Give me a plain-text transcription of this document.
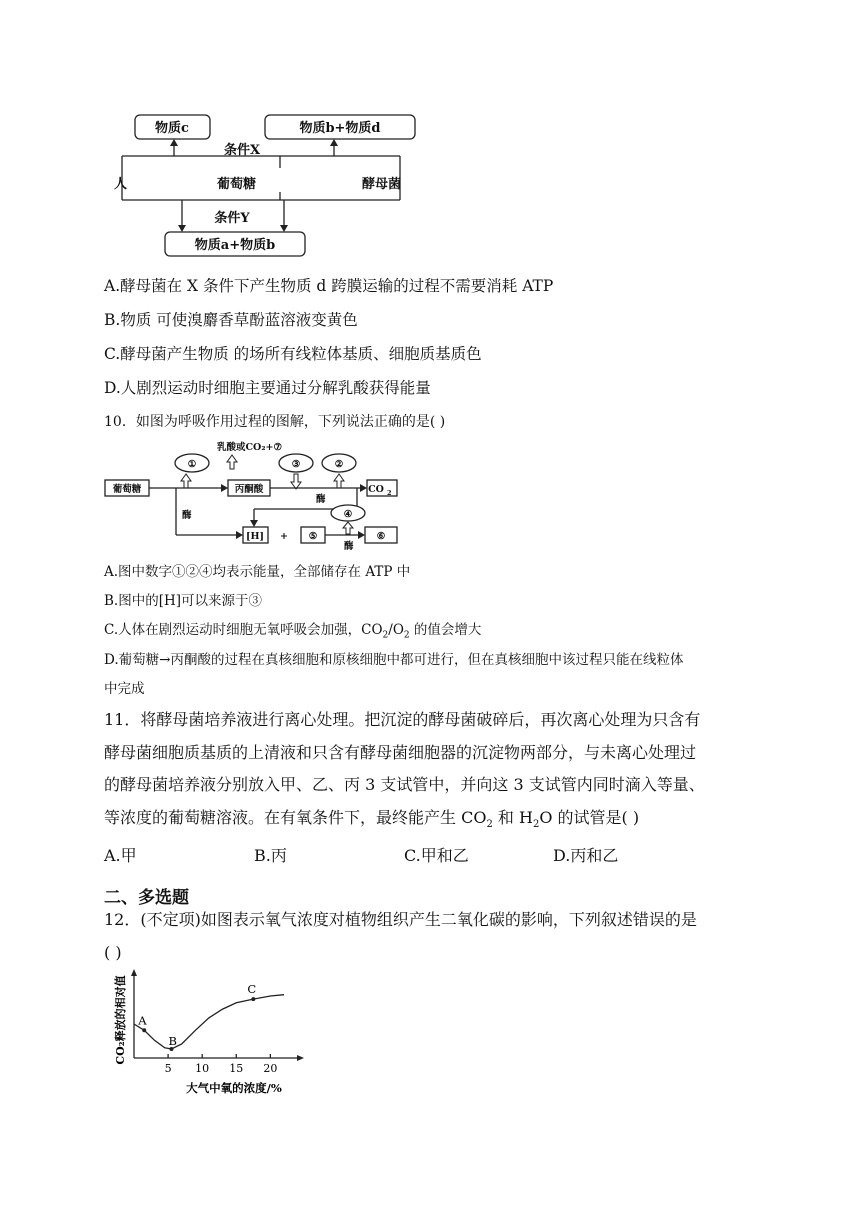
物质c	物质b+物质d
条件X
人	葡萄糖	酵母菌
条件Y
物质a+物质b
A.酵母菌在 X 条件下产生物质 d 跨膜运输的过程不需要消耗 ATP
B.物质 可使溴麝香草酚蓝溶液变黄色
C.酵母菌产生物质 的场所有线粒体基质、细胞质基质色
D.人剧烈运动时细胞主要通过分解乳酸获得能量
10．如图为呼吸作用过程的图解，下列说法正确的是( )
乳酸或CO₂+⑦
①	③	②
葡萄糖	丙酮酸	CO 2
酶
酶
[H] + ⑤	⑥
④
酶
A.图中数字①②④均表示能量，全部储存在 ATP 中
B.图中的[H]可以来源于③
C.人体在剧烈运动时细胞无氧呼吸会加强，$CO_2/O_2$ 的值会增大
D.葡萄糖→丙酮酸的过程在真核细胞和原核细胞中都可进行，但在真核细胞中该过程只能在线粒体
中完成
11．将酵母菌培养液进行离心处理。把沉淀的酵母菌破碎后，再次离心处理为只含有
酵母菌细胞质基质的上清液和只含有酵母菌细胞器的沉淀物两部分，与未离心处理过
的酵母菌培养液分别放入甲、乙、丙 3 支试管中，并向这 3 支试管内同时滴入等量、
等浓度的葡萄糖溶液。在有氧条件下，最终能产生 $CO_2$ 和 $H_2O$ 的试管是( )
A.甲	B.丙	C.甲和乙	D.丙和乙
二、多选题
12．(不定项)如图表示氧气浓度对植物组织产生二氧化碳的影响，下列叙述错误的是
( )
CO₂释放的相对值
5 10 15 20
A
B
C
大气中氧的浓度/%
